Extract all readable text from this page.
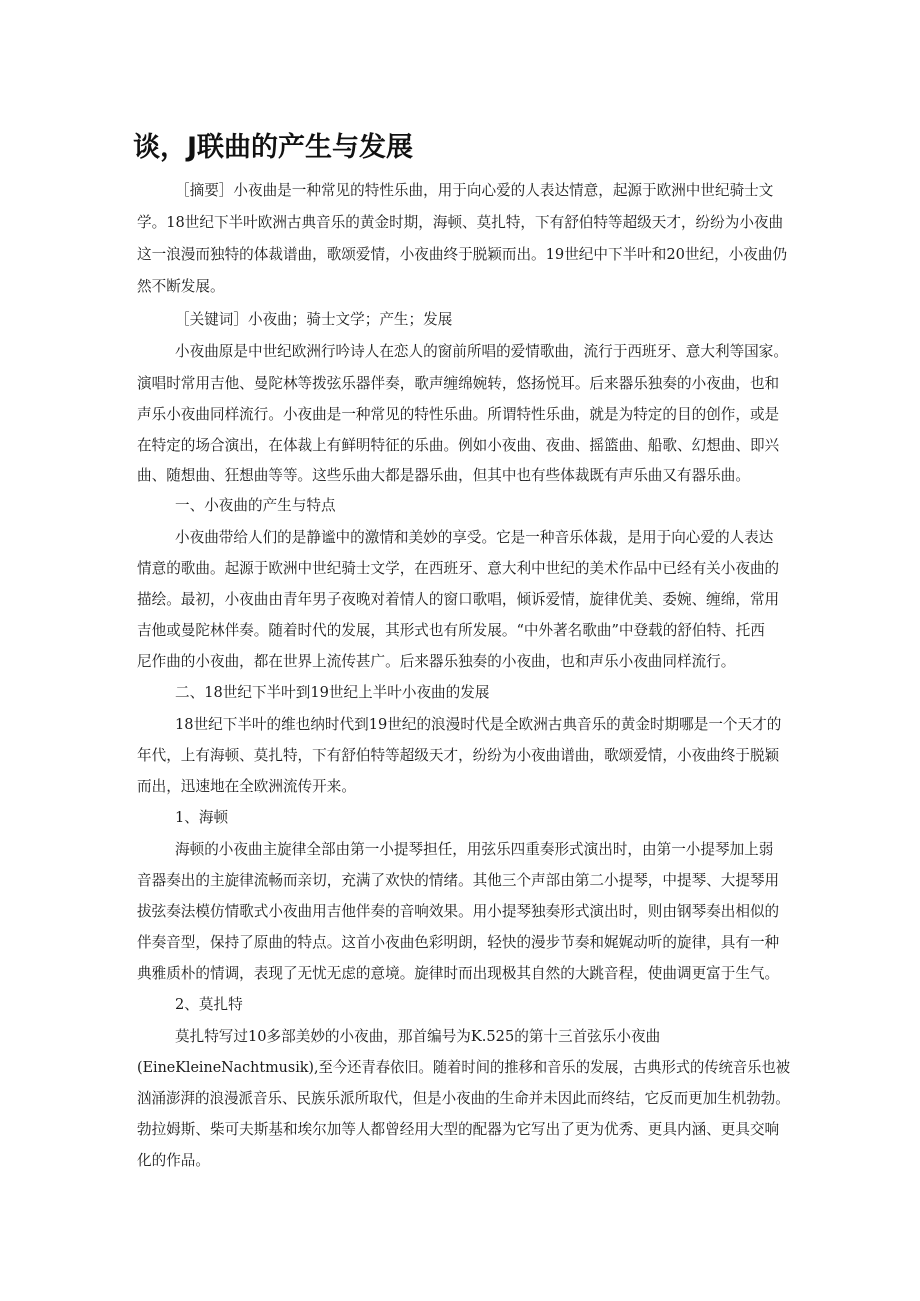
谈，J联曲的产生与发展
［摘要］小夜曲是一种常见的特性乐曲，用于向心爱的人表达情意，起源于欧洲中世纪骑士文
学。18世纪下半叶欧洲古典音乐的黄金时期，海顿、莫扎特，下有舒伯特等超级天才，纷纷为小夜曲
这一浪漫而独特的体裁谱曲，歌颂爱情，小夜曲终于脱颖而出。19世纪中下半叶和20世纪，小夜曲仍
然不断发展。
［关键词］小夜曲；骑士文学；产生；发展
小夜曲原是中世纪欧洲行吟诗人在恋人的窗前所唱的爱情歌曲，流行于西班牙、意大利等国家。
演唱时常用吉他、曼陀林等拨弦乐器伴奏，歌声缠绵婉转，悠扬悦耳。后来器乐独奏的小夜曲，也和
声乐小夜曲同样流行。小夜曲是一种常见的特性乐曲。所谓特性乐曲，就是为特定的目的创作，或是
在特定的场合演出，在体裁上有鲜明特征的乐曲。例如小夜曲、夜曲、摇篮曲、船歌、幻想曲、即兴
曲、随想曲、狂想曲等等。这些乐曲大都是器乐曲，但其中也有些体裁既有声乐曲又有器乐曲。
一、小夜曲的产生与特点
小夜曲带给人们的是静谧中的激情和美妙的享受。它是一种音乐体裁，是用于向心爱的人表达
情意的歌曲。起源于欧洲中世纪骑士文学，在西班牙、意大利中世纪的美术作品中已经有关小夜曲的
描绘。最初，小夜曲由青年男子夜晚对着情人的窗口歌唱，倾诉爱情，旋律优美、委婉、缠绵，常用
吉他或曼陀林伴奏。随着时代的发展，其形式也有所发展。“中外著名歌曲”中登载的舒伯特、托西
尼作曲的小夜曲，都在世界上流传甚广。后来器乐独奏的小夜曲，也和声乐小夜曲同样流行。
二、18世纪下半叶到19世纪上半叶小夜曲的发展
18世纪下半叶的维也纳时代到19世纪的浪漫时代是全欧洲古典音乐的黄金时期哪是一个天才的
年代，上有海顿、莫扎特，下有舒伯特等超级天才，纷纷为小夜曲谱曲，歌颂爱情，小夜曲终于脱颖
而出，迅速地在全欧洲流传开来。
1、海顿
海顿的小夜曲主旋律全部由第一小提琴担任，用弦乐四重奏形式演出时，由第一小提琴加上弱
音器奏出的主旋律流畅而亲切，充满了欢快的情绪。其他三个声部由第二小提琴，中提琴、大提琴用
拔弦奏法模仿情歌式小夜曲用吉他伴奏的音响效果。用小提琴独奏形式演出时，则由钢琴奏出相似的
伴奏音型，保持了原曲的特点。这首小夜曲色彩明朗，轻快的漫步节奏和娓娓动听的旋律，具有一种
典雅质朴的情调，表现了无忧无虑的意境。旋律时而出现极其自然的大跳音程，使曲调更富于生气。
2、莫扎特
莫扎特写过10多部美妙的小夜曲，那首编号为K.525的第十三首弦乐小夜曲
(EineKleineNachtmusik),至今还青春依旧。随着时间的推移和音乐的发展，古典形式的传统音乐也被
汹涌澎湃的浪漫派音乐、民族乐派所取代，但是小夜曲的生命并未因此而终结，它反而更加生机勃勃。
勃拉姆斯、柴可夫斯基和埃尔加等人都曾经用大型的配器为它写出了更为优秀、更具内涵、更具交响
化的作品。
